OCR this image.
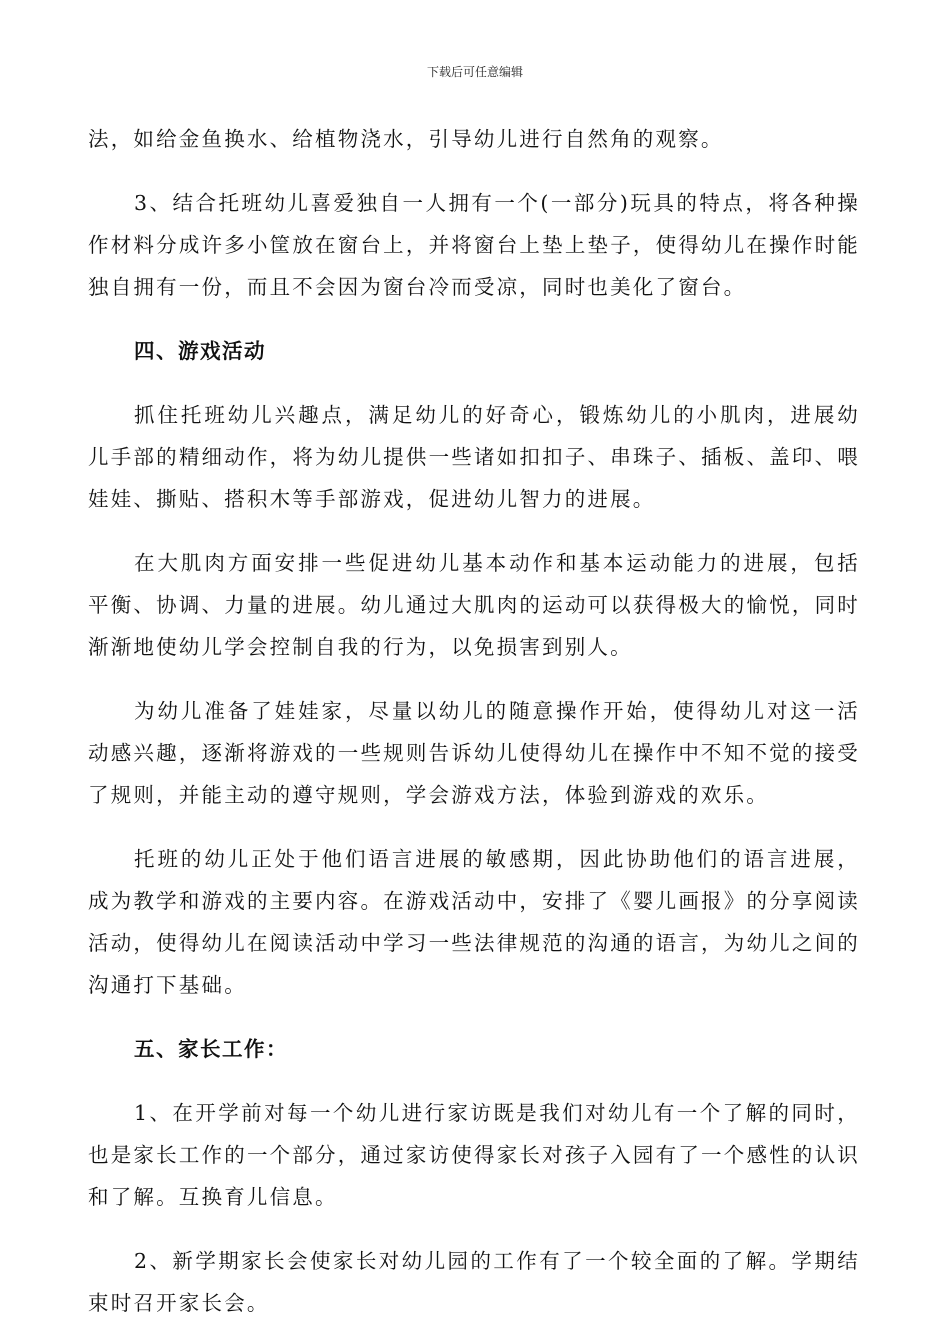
下载后可任意编辑

法，如给金鱼换水、给植物浇水，引导幼儿进行自然角的观察。

3、结合托班幼儿喜爱独自一人拥有一个(一部分)玩具的特点，将各种操作材料分成许多小筐放在窗台上，并将窗台上垫上垫子，使得幼儿在操作时能独自拥有一份，而且不会因为窗台冷而受凉，同时也美化了窗台。

四、游戏活动

抓住托班幼儿兴趣点，满足幼儿的好奇心，锻炼幼儿的小肌肉，进展幼儿手部的精细动作，将为幼儿提供一些诸如扣扣子、串珠子、插板、盖印、喂娃娃、撕贴、搭积木等手部游戏，促进幼儿智力的进展。

在大肌肉方面安排一些促进幼儿基本动作和基本运动能力的进展，包括平衡、协调、力量的进展。幼儿通过大肌肉的运动可以获得极大的愉悦，同时渐渐地使幼儿学会控制自我的行为，以免损害到别人。

为幼儿准备了娃娃家，尽量以幼儿的随意操作开始，使得幼儿对这一活动感兴趣，逐渐将游戏的一些规则告诉幼儿使得幼儿在操作中不知不觉的接受了规则，并能主动的遵守规则，学会游戏方法，体验到游戏的欢乐。

托班的幼儿正处于他们语言进展的敏感期，因此协助他们的语言进展，成为教学和游戏的主要内容。在游戏活动中，安排了《婴儿画报》的分享阅读活动，使得幼儿在阅读活动中学习一些法律规范的沟通的语言，为幼儿之间的沟通打下基础。

五、家长工作：

1、在开学前对每一个幼儿进行家访既是我们对幼儿有一个了解的同时，也是家长工作的一个部分，通过家访使得家长对孩子入园有了一个感性的认识和了解。互换育儿信息。

2、新学期家长会使家长对幼儿园的工作有了一个较全面的了解。学期结束时召开家长会。
